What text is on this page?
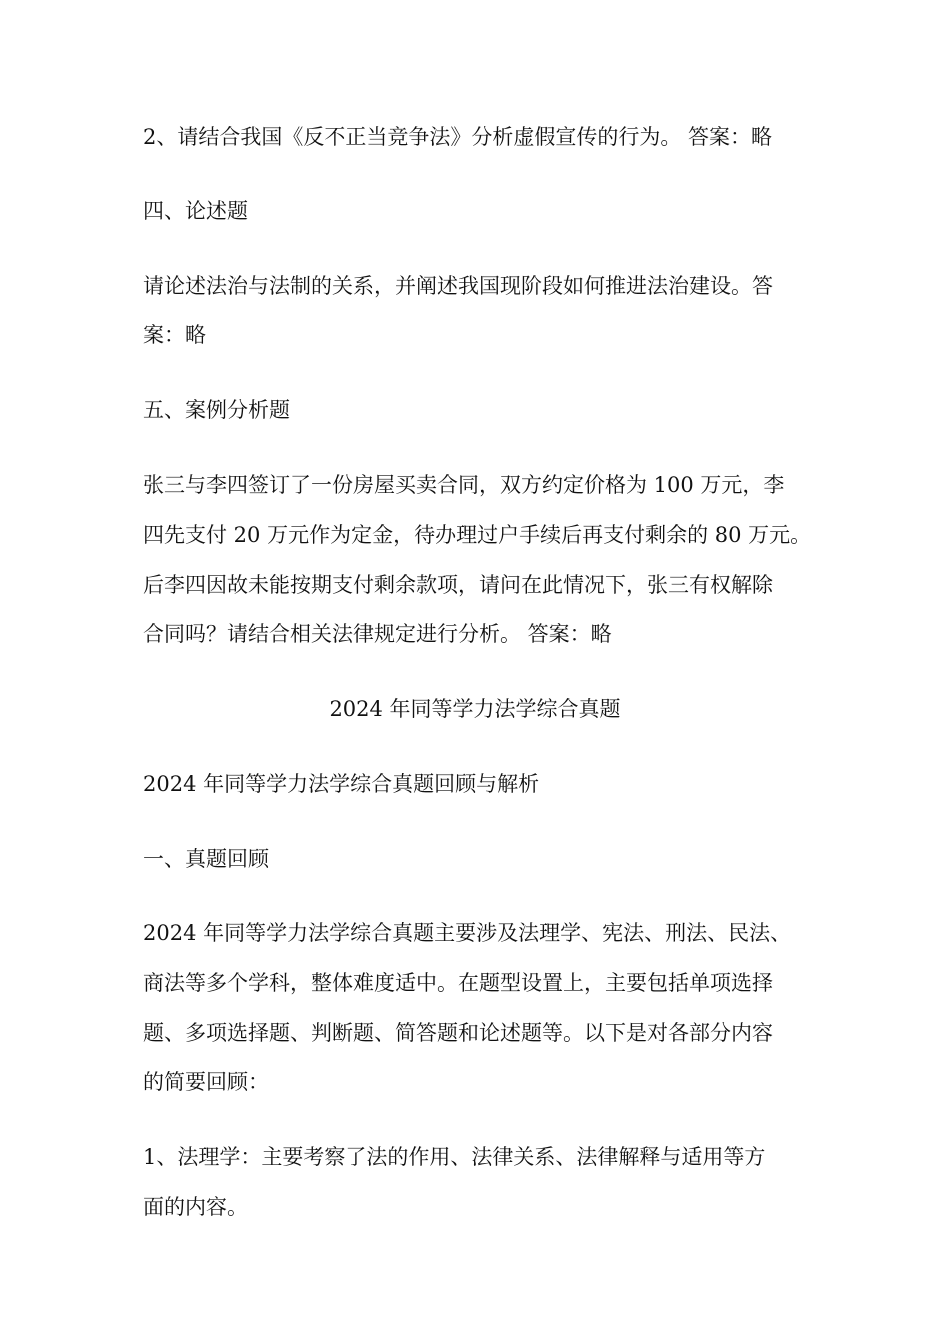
2、请结合我国《反不正当竞争法》分析虚假宣传的行为。 答案：略
四、论述题
请论述法治与法制的关系，并阐述我国现阶段如何推进法治建设。答
案：略
五、案例分析题
张三与李四签订了一份房屋买卖合同，双方约定价格为 100 万元，李
四先支付 20 万元作为定金，待办理过户手续后再支付剩余的 80 万元。
后李四因故未能按期支付剩余款项，请问在此情况下，张三有权解除
合同吗？请结合相关法律规定进行分析。 答案：略
2024 年同等学力法学综合真题
2024 年同等学力法学综合真题回顾与解析
一、真题回顾
2024 年同等学力法学综合真题主要涉及法理学、宪法、刑法、民法、
商法等多个学科，整体难度适中。在题型设置上，主要包括单项选择
题、多项选择题、判断题、简答题和论述题等。以下是对各部分内容
的简要回顾：
1、法理学：主要考察了法的作用、法律关系、法律解释与适用等方
面的内容。
